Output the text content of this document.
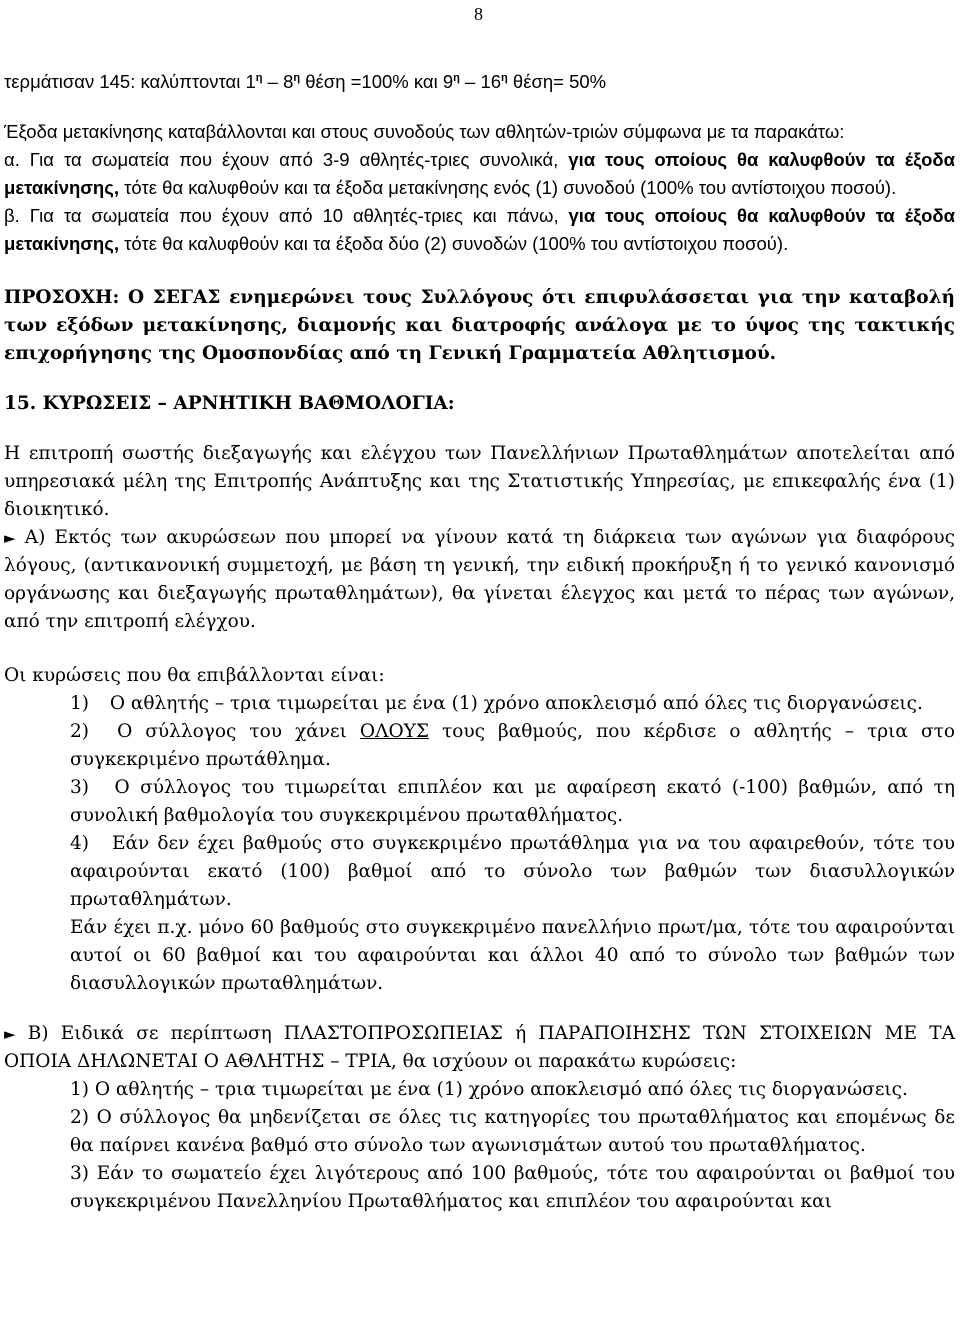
8

τερμάτισαν 145: καλύπτονται $1^\eta - 8^\eta$ θέση =100% και $9^\eta - 16^\eta$ θέση= 50%

Έξοδα μετακίνησης καταβάλλονται και στους συνοδούς των αθλητών-τριών σύμφωνα με τα παρακάτω:

α. Για τα σωματεία που έχουν από 3-9 αθλητές-τριες συνολικά, για τους οποίους θα καλυφθούν τα έξοδα μετακίνησης, τότε θα καλυφθούν και τα έξοδα μετακίνησης ενός (1) συνοδού (100% του αντίστοιχου ποσού).

β. Για τα σωματεία που έχουν από 10 αθλητές-τριες και πάνω, για τους οποίους θα καλυφθούν τα έξοδα μετακίνησης, τότε θα καλυφθούν και τα έξοδα δύο (2) συνοδών (100% του αντίστοιχου ποσού).

ΠΡΟΣΟΧΗ: Ο ΣΕΓΑΣ ενημερώνει τους Συλλόγους ότι επιφυλάσσεται για την καταβολή των εξόδων μετακίνησης, διαμονής και διατροφής ανάλογα με το ύψος της τακτικής επιχορήγησης της Ομοσπονδίας από τη Γενική Γραμματεία Αθλητισμού.

15. ΚΥΡΩΣΕΙΣ – ΑΡΝΗΤΙΚΗ ΒΑΘΜΟΛΟΓΙΑ:

Η επιτροπή σωστής διεξαγωγής και ελέγχου των Πανελλήνιων Πρωταθλημάτων αποτελείται από υπηρεσιακά μέλη της Επιτροπής Ανάπτυξης και της Στατιστικής Υπηρεσίας, με επικεφαλής ένα (1) διοικητικό.

► Α) Εκτός των ακυρώσεων που μπορεί να γίνουν κατά τη διάρκεια των αγώνων για διαφόρους λόγους, (αντικανονική συμμετοχή, με βάση τη γενική, την ειδική προκήρυξη ή το γενικό κανονισμό οργάνωσης και διεξαγωγής πρωταθλημάτων), θα γίνεται έλεγχος και μετά το πέρας των αγώνων, από την επιτροπή ελέγχου.

Οι κυρώσεις που θα επιβάλλονται είναι:

1) Ο αθλητής – τρια τιμωρείται με ένα (1) χρόνο αποκλεισμό από όλες τις διοργανώσεις.

2) Ο σύλλογος του χάνει ΟΛΟΥΣ τους βαθμούς, που κέρδισε ο αθλητής – τρια στο συγκεκριμένο πρωτάθλημα.

3) Ο σύλλογος του τιμωρείται επιπλέον και με αφαίρεση εκατό (-100) βαθμών, από τη συνολική βαθμολογία του συγκεκριμένου πρωταθλήματος.

4) Εάν δεν έχει βαθμούς στο συγκεκριμένο πρωτάθλημα για να του αφαιρεθούν, τότε του αφαιρούνται εκατό (100) βαθμοί από το σύνολο των βαθμών των διασυλλογικών πρωταθλημάτων.

Εάν έχει π.χ. μόνο 60 βαθμούς στο συγκεκριμένο πανελλήνιο πρωτ/μα, τότε του αφαιρούνται αυτοί οι 60 βαθμοί και του αφαιρούνται και άλλοι 40 από το σύνολο των βαθμών των διασυλλογικών πρωταθλημάτων.

► Β) Ειδικά σε περίπτωση ΠΛΑΣΤΟΠΡΟΣΩΠΕΙΑΣ ή ΠΑΡΑΠΟΙΗΣΗΣ ΤΩΝ ΣΤΟΙΧΕΙΩΝ ΜΕ ΤΑ ΟΠΟΙΑ ΔΗΛΩΝΕΤΑΙ Ο ΑΘΛΗΤΗΣ – ΤΡΙΑ, θα ισχύουν οι παρακάτω κυρώσεις:

1) Ο αθλητής – τρια τιμωρείται με ένα (1) χρόνο αποκλεισμό από όλες τις διοργανώσεις.

2) Ο σύλλογος θα μηδενίζεται σε όλες τις κατηγορίες του πρωταθλήματος και επομένως δε θα παίρνει κανένα βαθμό στο σύνολο των αγωνισμάτων αυτού του πρωταθλήματος.

3) Εάν το σωματείο έχει λιγότερους από 100 βαθμούς, τότε του αφαιρούνται οι βαθμοί του συγκεκριμένου Πανελληνίου Πρωταθλήματος και επιπλέον του αφαιρούνται και
